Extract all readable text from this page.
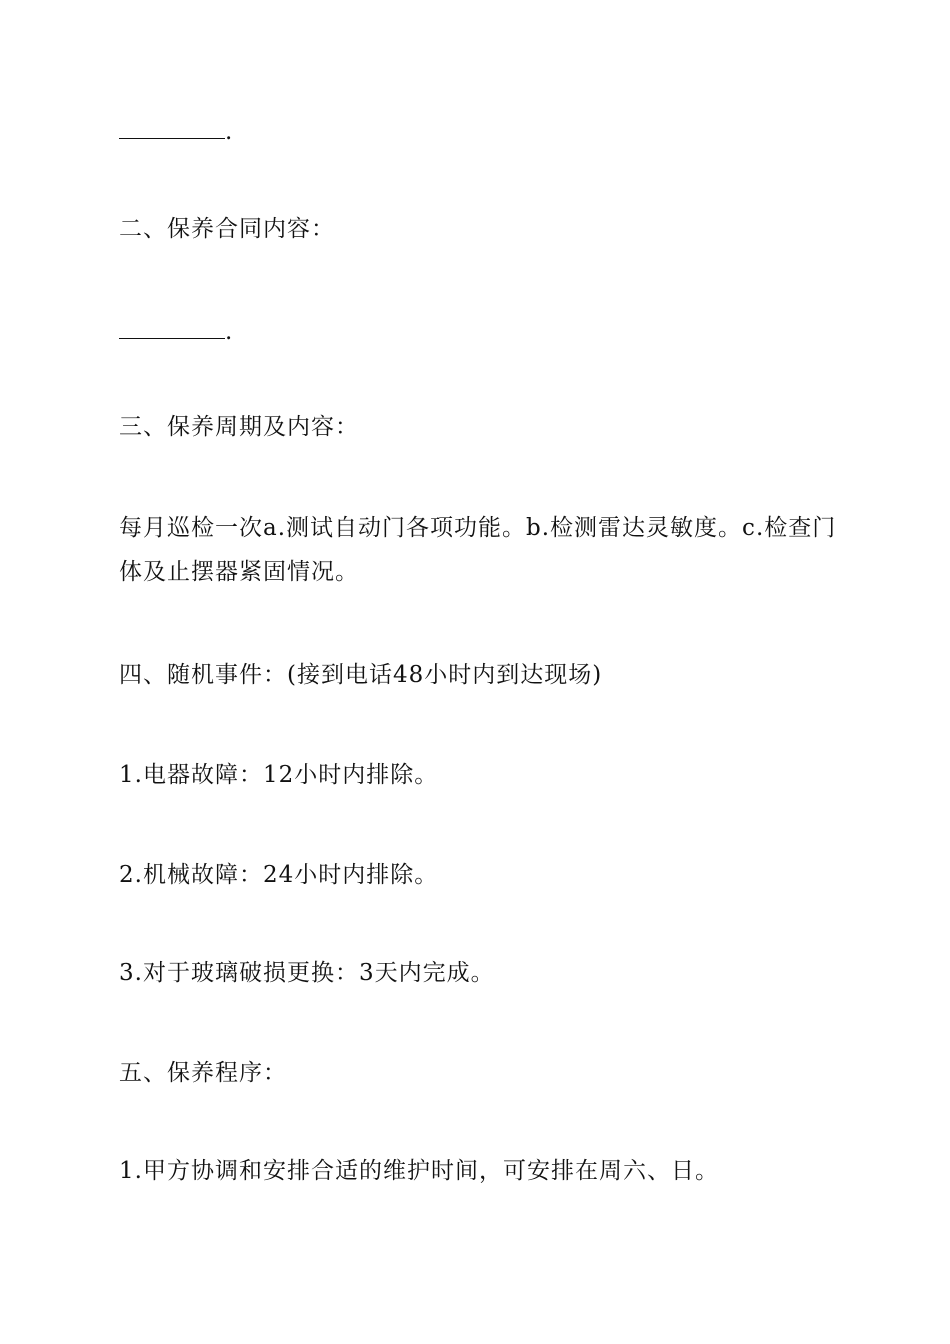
.
二、保养合同内容：
.
三、保养周期及内容：
每月巡检一次a.测试自动门各项功能。b.检测雷达灵敏度。c.检查门体及止摆器紧固情况。
四、随机事件：(接到电话48小时内到达现场)
1.电器故障：12小时内排除。
2.机械故障：24小时内排除。
3.对于玻璃破损更换：3天内完成。
五、保养程序：
1.甲方协调和安排合适的维护时间，可安排在周六、日。
